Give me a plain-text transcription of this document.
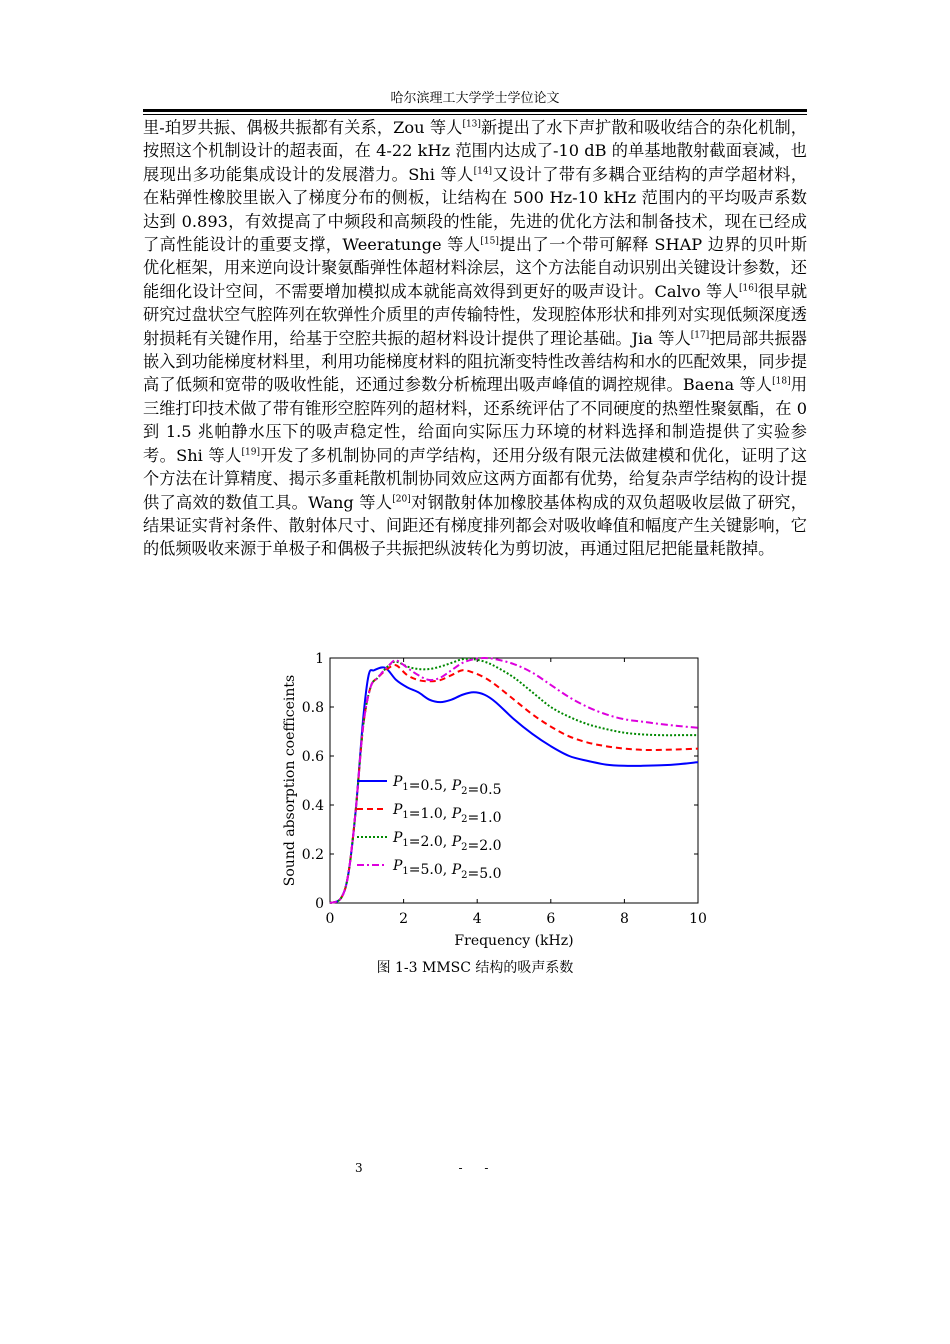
哈尔滨理工大学学士学位论文

里-珀罗共振、偶极共振都有关系，Zou 等人[13]新提出了水下声扩散和吸收结合的杂化机制，按照这个机制设计的超表面，在 4-22 kHz 范围内达成了-10 dB 的单基地散射截面衰减，也展现出多功能集成设计的发展潜力。Shi 等人[14]又设计了带有多耦合亚结构的声学超材料，在粘弹性橡胶里嵌入了梯度分布的侧板，让结构在 500 Hz-10 kHz 范围内的平均吸声系数达到 0.893，有效提高了中频段和高频段的性能，先进的优化方法和制备技术，现在已经成了高性能设计的重要支撑，Weeratunge 等人[15]提出了一个带可解释 SHAP 边界的贝叶斯优化框架，用来逆向设计聚氨酯弹性体超材料涂层，这个方法能自动识别出关键设计参数，还能细化设计空间，不需要增加模拟成本就能高效得到更好的吸声设计。Calvo 等人[16]很早就研究过盘状空气腔阵列在软弹性介质里的声传输特性，发现腔体形状和排列对实现低频深度透射损耗有关键作用，给基于空腔共振的超材料设计提供了理论基础。Jia 等人[17]把局部共振器嵌入到功能梯度材料里，利用功能梯度材料的阻抗渐变特性改善结构和水的匹配效果，同步提高了低频和宽带的吸收性能，还通过参数分析梳理出吸声峰值的调控规律。Baena 等人[18]用三维打印技术做了带有锥形空腔阵列的超材料，还系统评估了不同硬度的热塑性聚氨酯，在 0 到 1.5 兆帕静水压下的吸声稳定性，给面向实际压力环境的材料选择和制造提供了实验参考。Shi 等人[19]开发了多机制协同的声学结构，还用分级有限元法做建模和优化，证明了这个方法在计算精度、揭示多重耗散机制协同效应这两方面都有优势，给复杂声学结构的设计提供了高效的数值工具。Wang 等人[20]对钢散射体加橡胶基体构成的双负超吸收层做了研究，结果证实背衬条件、散射体尺寸、间距还有梯度排列都会对吸收峰值和幅度产生关键影响，它的低频吸收来源于单极子和偶极子共振把纵波转化为剪切波，再通过阻尼把能量耗散掉。

0	2	4	6	8	10
0
0.2
0.4
0.6
0.8
1
Frequency (kHz)
Sound absorption coefficeints	$P_1=0.5$, $P_2=0.5$
$P_1=1.0$, $P_2=1.0$
$P_1=2.0$, $P_2=2.0$
$P_1=5.0$, $P_2=5.0$
图 1-3 MMSC 结构的吸声系数
3	- -
